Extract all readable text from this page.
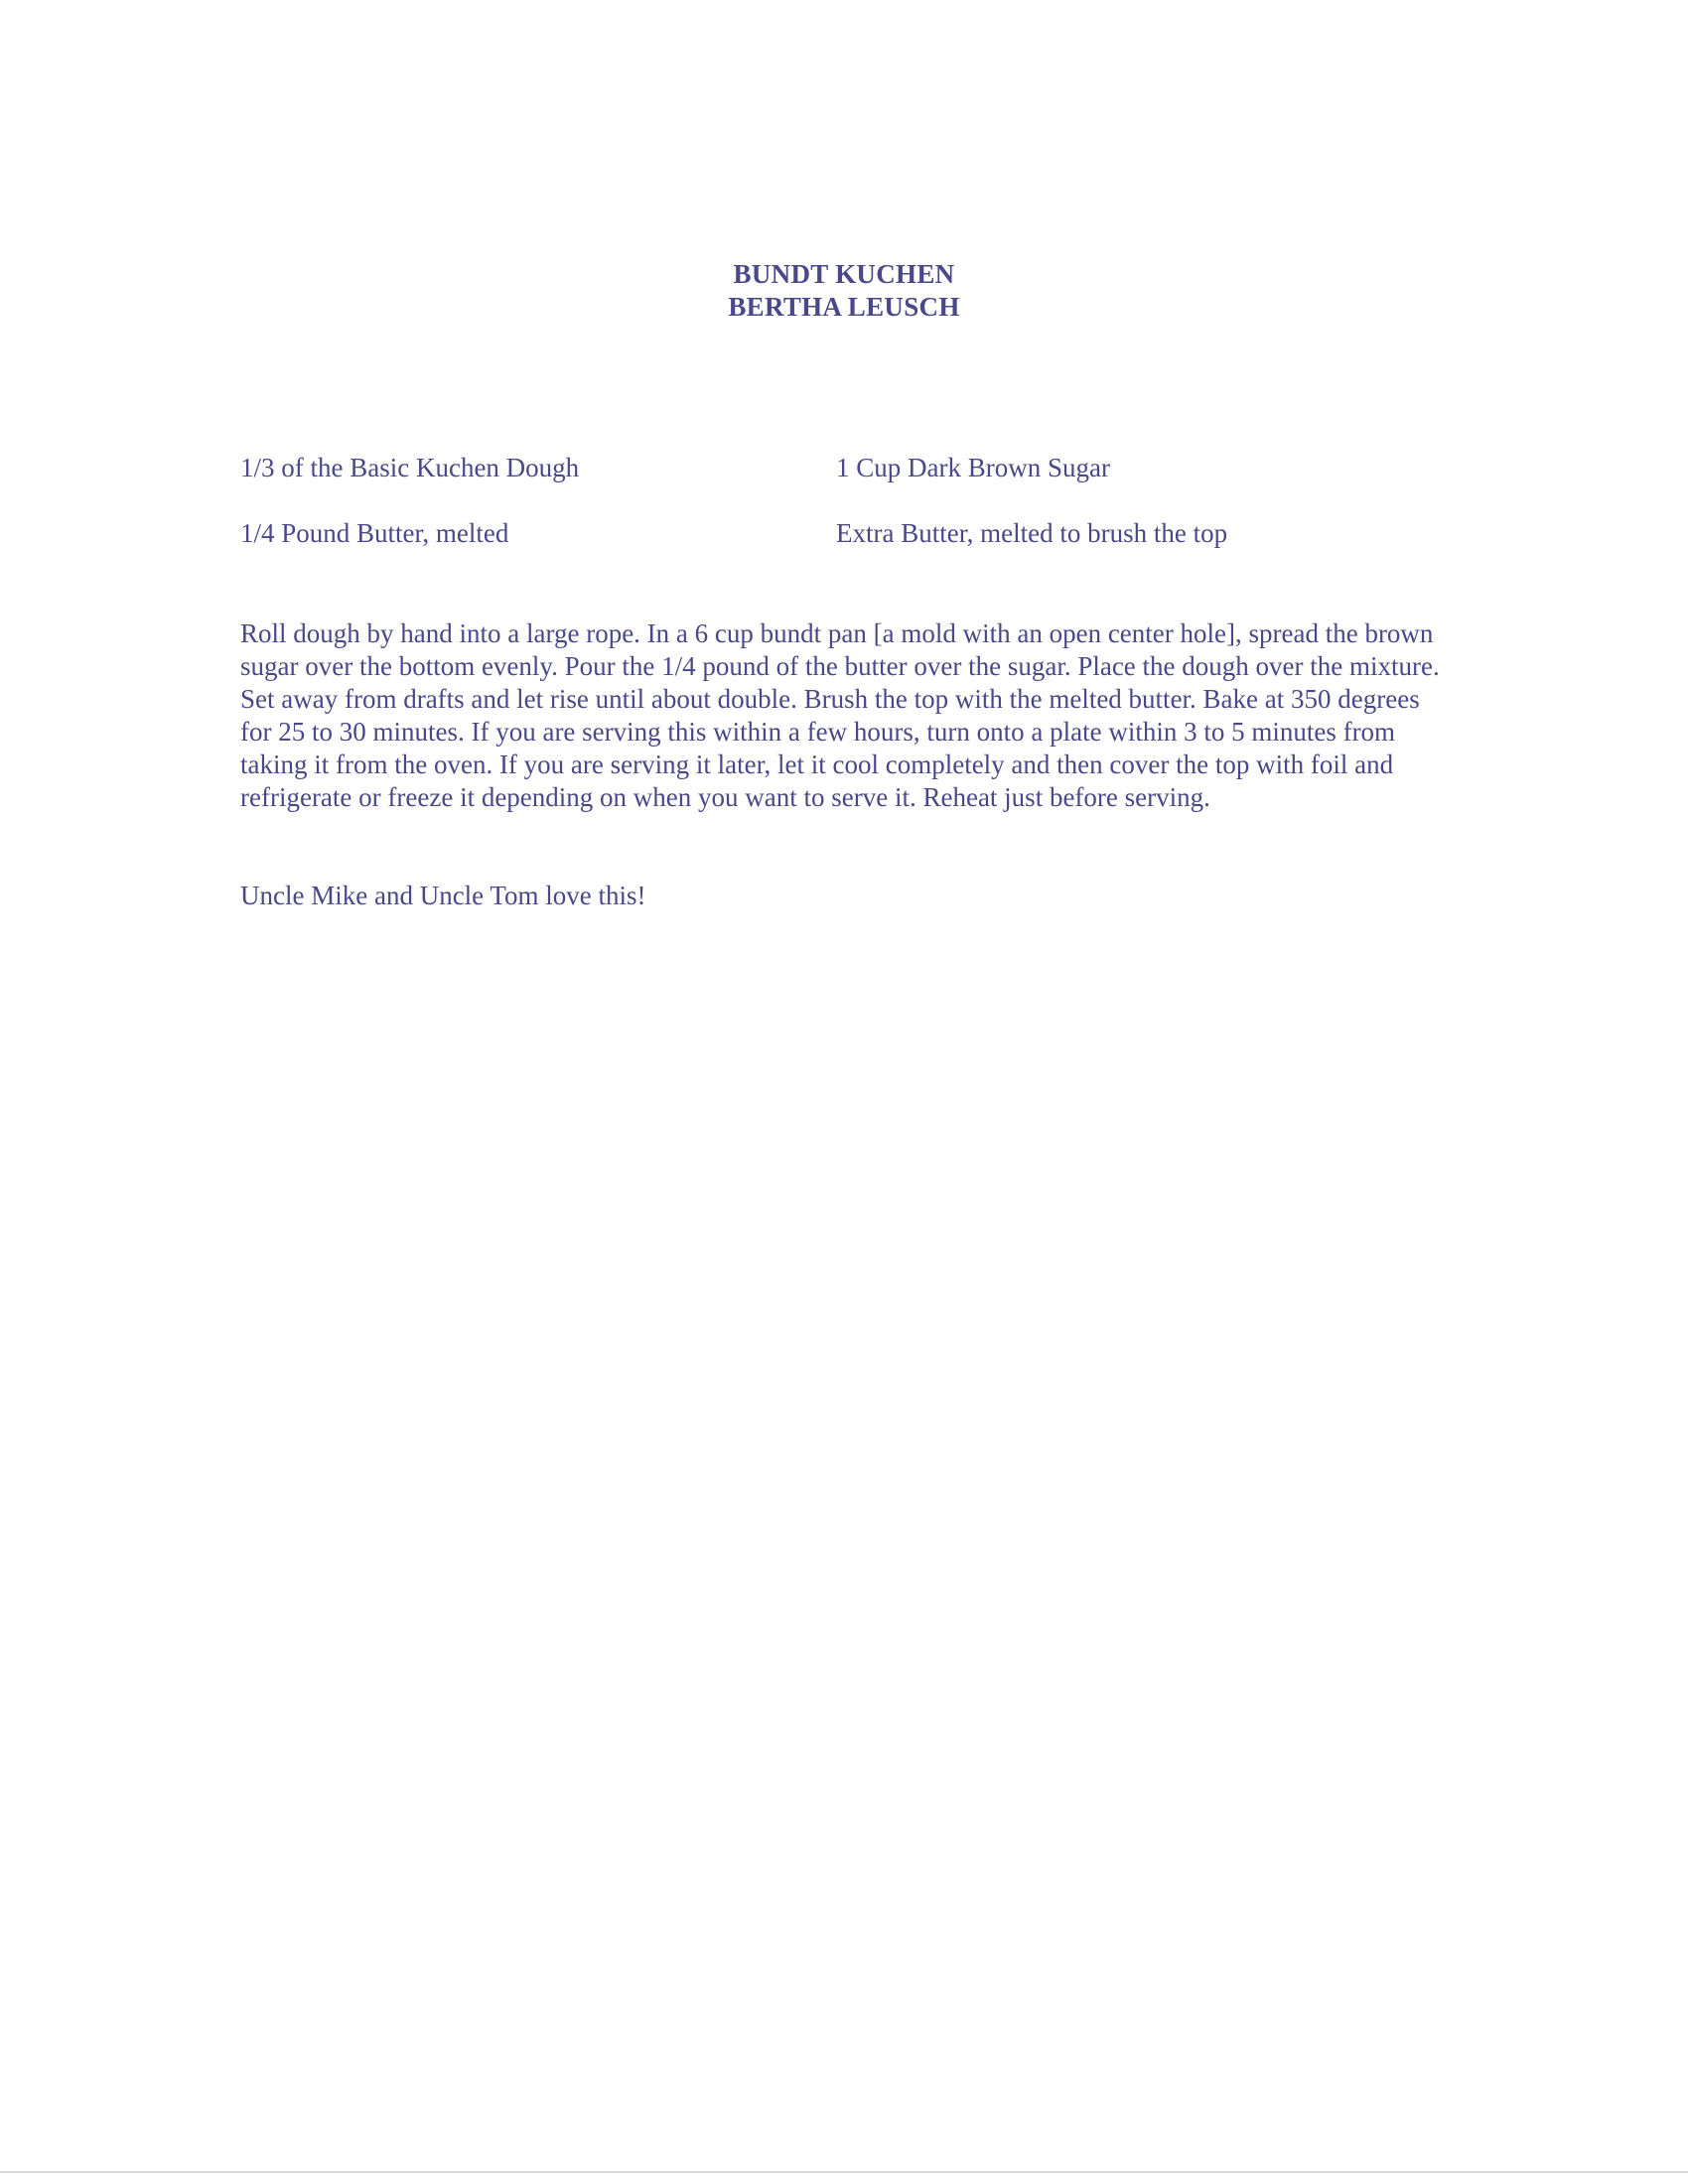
BUNDT KUCHEN
BERTHA LEUSCH
1/3 of the Basic Kuchen Dough	1 Cup Dark Brown Sugar
1/4 Pound Butter, melted	Extra Butter, melted to brush the top

Roll dough by hand into a large rope. In a 6 cup bundt pan [a mold with an open center hole], spread the brown sugar over the bottom evenly. Pour the 1/4 pound of the butter over the sugar. Place the dough over the mixture. Set away from drafts and let rise until about double. Brush the top with the melted butter. Bake at 350 degrees for 25 to 30 minutes. If you are serving this within a few hours, turn onto a plate within 3 to 5 minutes from taking it from the oven. If you are serving it later, let it cool completely and then cover the top with foil and refrigerate or freeze it depending on when you want to serve it. Reheat just before serving.

Uncle Mike and Uncle Tom love this!
